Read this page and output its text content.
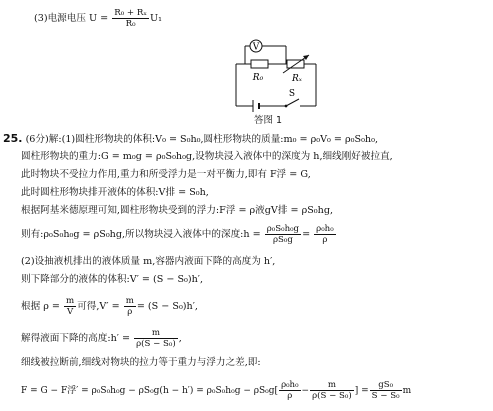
(3)电源电压 $U = \frac{\text{R₀ + Rₓ}}{\text{R₀}} U_1$
V
R₀	Rₓ
S
答图 1
25. (6分)解:(1)圆柱形物块的体积:V₀ = S₀h₀,圆柱形物块的质量:m₀ = ρ₀V₀ = ρ₀S₀h₀,
圆柱形物块的重力:G = m₀g = ρ₀S₀h₀g,设物块浸入液体中的深度为 h,细线刚好被拉直,
此时物块不受拉力作用,重力和所受浮力是一对平衡力,即有 F浮 = G,
此时圆柱形物块排开液体的体积:V排 = S₀h,
根据阿基米德原理可知,圆柱形物块受到的浮力:F浮 = ρ液gV排 = ρS₀hg,
则有:ρ₀S₀h₀g = ρS₀hg,所以物块浸入液体中的深度:h = $\frac{\text{ρ₀S₀h₀g}}{\text{ρS₀g}} = \frac{\text{ρ₀h₀}}{\rho}$
(2)设抽液机排出的液体质量 m,容器内液面下降的高度为 h′,
则下降部分的液体的体积:V′ = (S − S₀)h′,
根据 $\rho = \frac{m}{V}$ 可得$,V' = \frac{m}{\rho} = (S - S_0)h'$,
解得液面下降的高度:h′ = $\frac{m}{\text{ρ(S − S₀)}}$ ,
细线被拉断前,细线对物块的拉力等于重力与浮力之差,即:
F = G − F浮′ = $\rho_0S_0h_0g - \rho S_0g(h - h') = \rho_0S_0h_0g - \rho S_0g[ \frac{\text{ρ₀h₀}}{\rho} - \frac{m}{\text{ρ(S − S₀)}}$ ] = $\frac{\text{gS₀}}{\text{S − S₀}}$ m
